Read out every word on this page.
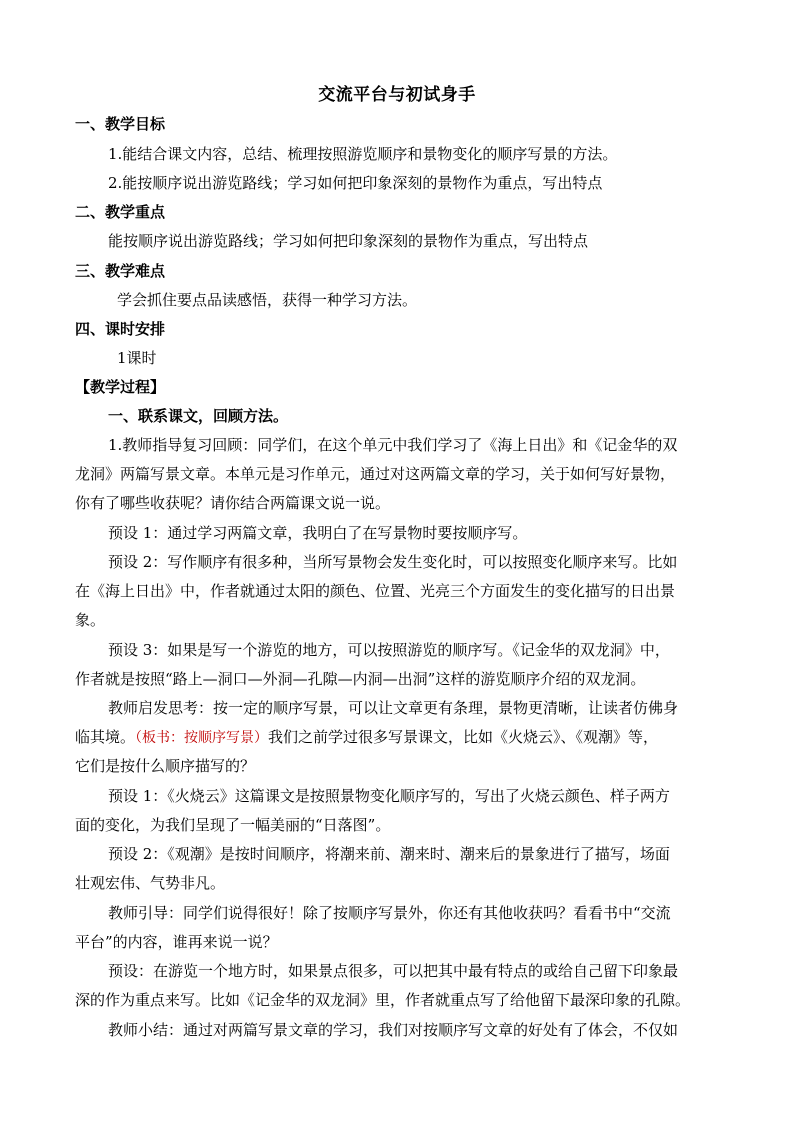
交流平台与初试身手
一、教学目标
1.能结合课文内容，总结、梳理按照游览顺序和景物变化的顺序写景的方法。
2.能按顺序说出游览路线；学习如何把印象深刻的景物作为重点，写出特点
二、教学重点
能按顺序说出游览路线；学习如何把印象深刻的景物作为重点，写出特点
三、教学难点
学会抓住要点品读感悟，获得一种学习方法。
四、课时安排
1课时
【教学过程】
一、联系课文，回顾方法。
1.教师指导复习回顾：同学们，在这个单元中我们学习了《海上日出》和《记金华的双
龙洞》两篇写景文章。本单元是习作单元，通过对这两篇文章的学习，关于如何写好景物，
你有了哪些收获呢？请你结合两篇课文说一说。
预设 1：通过学习两篇文章，我明白了在写景物时要按顺序写。
预设 2：写作顺序有很多种，当所写景物会发生变化时，可以按照变化顺序来写。比如
在《海上日出》中，作者就通过太阳的颜色、位置、光亮三个方面发生的变化描写的日出景
象。
预设 3：如果是写一个游览的地方，可以按照游览的顺序写。《记金华的双龙洞》中，
作者就是按照“路上—洞口—外洞—孔隙—内洞—出洞”这样的游览顺序介绍的双龙洞。
教师启发思考：按一定的顺序写景，可以让文章更有条理，景物更清晰，让读者仿佛身
临其境。（板书：按顺序写景）我们之前学过很多写景课文，比如《火烧云》、《观潮》等，
它们是按什么顺序描写的？
预设 1：《火烧云》这篇课文是按照景物变化顺序写的，写出了火烧云颜色、样子两方
面的变化，为我们呈现了一幅美丽的“日落图”。
预设 2：《观潮》是按时间顺序，将潮来前、潮来时、潮来后的景象进行了描写，场面
壮观宏伟、气势非凡。
教师引导：同学们说得很好！除了按顺序写景外，你还有其他收获吗？看看书中“交流
平台”的内容，谁再来说一说？
预设：在游览一个地方时，如果景点很多，可以把其中最有特点的或给自己留下印象最
深的作为重点来写。比如《记金华的双龙洞》里，作者就重点写了给他留下最深印象的孔隙。
教师小结：通过对两篇写景文章的学习，我们对按顺序写文章的好处有了体会，不仅如
